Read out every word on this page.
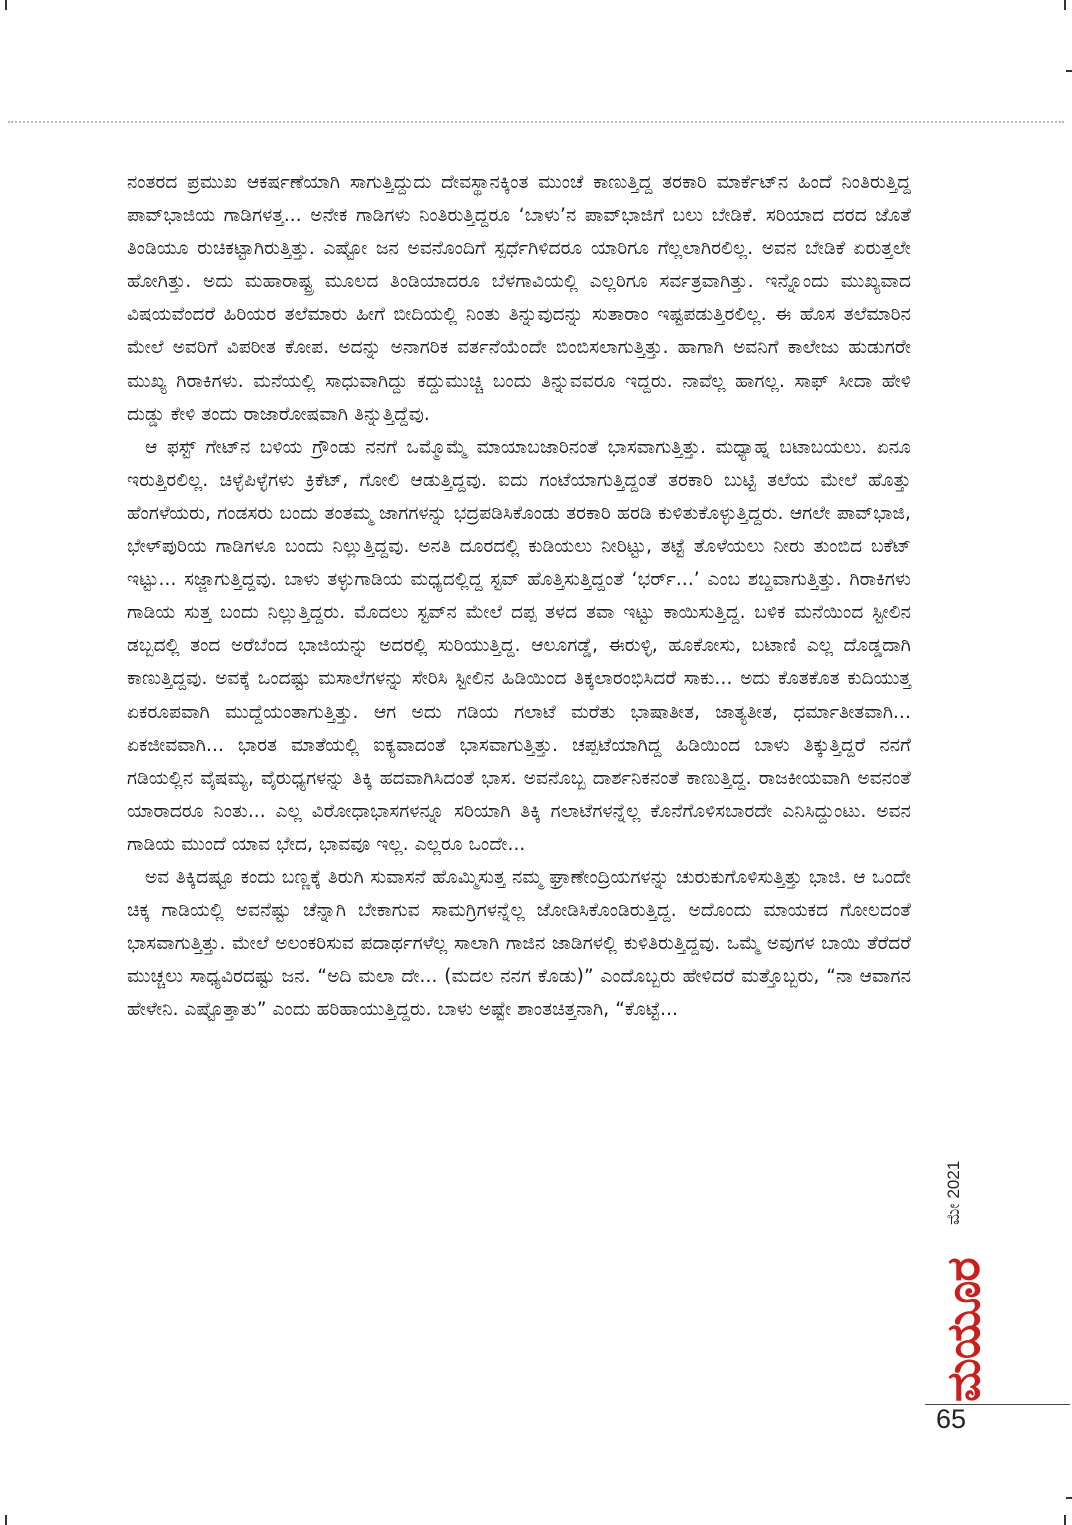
ನಂತರದ ಪ್ರಮುಖ ಆಕರ್ಷಣೆಯಾಗಿ ಸಾಗುತ್ತಿದ್ದುದು ದೇವಸ್ಥಾನಕ್ಕಿಂತ ಮುಂಚೆ ಕಾಣುತ್ತಿದ್ದ ತರಕಾರಿ ಮಾರ್ಕೆಟ್‌ನ ಹಿಂದೆ ನಿಂತಿರುತ್ತಿದ್ದ ಪಾವ್‌ಭಾಜಿಯ ಗಾಡಿಗಳತ್ತ... ಅನೇಕ ಗಾಡಿಗಳು ನಿಂತಿರುತ್ತಿದ್ದರೂ ‘ಬಾಳು’ನ ಪಾವ್‌ಭಾಜಿಗೆ ಬಲು ಬೇಡಿಕೆ. ಸರಿಯಾದ ದರದ ಜೊತೆ ತಿಂಡಿಯೂ ರುಚಿಕಟ್ಟಾಗಿರುತ್ತಿತ್ತು. ಎಷ್ಟೋ ಜನ ಅವನೊಂದಿಗೆ ಸ್ಪರ್ಧೆಗಿಳಿದರೂ ಯಾರಿಗೂ ಗೆಲ್ಲಲಾಗಿರಲಿಲ್ಲ. ಅವನ ಬೇಡಿಕೆ ಏರುತ್ತಲೇ ಹೋಗಿತ್ತು. ಅದು ಮಹಾರಾಷ್ಟ್ರ ಮೂಲದ ತಿಂಡಿಯಾದರೂ ಬೆಳಗಾವಿಯಲ್ಲಿ ಎಲ್ಲರಿಗೂ ಸರ್ವತ್ರವಾಗಿತ್ತು. ಇನ್ನೊಂದು ಮುಖ್ಯವಾದ ವಿಷಯವೆಂದರೆ ಹಿರಿಯರ ತಲೆಮಾರು ಹೀಗೆ ಬೀದಿಯಲ್ಲಿ ನಿಂತು ತಿನ್ನುವುದನ್ನು ಸುತಾರಾಂ ಇಷ್ಟಪಡುತ್ತಿರಲಿಲ್ಲ. ಈ ಹೊಸ ತಲೆಮಾರಿನ ಮೇಲೆ ಅವರಿಗೆ ವಿಪರೀತ ಕೋಪ. ಅದನ್ನು ಅನಾಗರಿಕ ವರ್ತನೆಯೆಂದೇ ಬಿಂಬಿಸಲಾಗುತ್ತಿತ್ತು. ಹಾಗಾಗಿ ಅವನಿಗೆ ಕಾಲೇಜು ಹುಡುಗರೇ ಮುಖ್ಯ ಗಿರಾಕಿಗಳು. ಮನೆಯಲ್ಲಿ ಸಾಧುವಾಗಿದ್ದು ಕದ್ದುಮುಚ್ಚಿ ಬಂದು ತಿನ್ನುವವರೂ ಇದ್ದರು. ನಾವೆಲ್ಲ ಹಾಗಲ್ಲ. ಸಾಫ್ ಸೀದಾ ಹೇಳಿ ದುಡ್ಡು ಕೇಳಿ ತಂದು ರಾಜಾರೋಷವಾಗಿ ತಿನ್ನುತ್ತಿದ್ದೆವು.

ಆ ಫಸ್ಟ್ ಗೇಟ್‌ನ ಬಳಿಯ ಗ್ರೌಂಡು ನನಗೆ ಒಮ್ಮೊಮ್ಮೆ ಮಾಯಾಬಜಾರಿನಂತೆ ಭಾಸವಾಗುತ್ತಿತ್ತು. ಮಧ್ಯಾಹ್ನ ಬಟಾಬಯಲು. ಏನೂ ಇರುತ್ತಿರಲಿಲ್ಲ. ಚಿಳ್ಳೆಪಿಳ್ಳೆಗಳು ಕ್ರಿಕೆಟ್, ಗೋಲಿ ಆಡುತ್ತಿದ್ದವು. ಐದು ಗಂಟೆಯಾಗುತ್ತಿದ್ದಂತೆ ತರಕಾರಿ ಬುಟ್ಟಿ ತಲೆಯ ಮೇಲೆ ಹೊತ್ತು ಹೆಂಗಳೆಯರು, ಗಂಡಸರು ಬಂದು ತಂತಮ್ಮ ಜಾಗಗಳನ್ನು ಭದ್ರಪಡಿಸಿಕೊಂಡು ತರಕಾರಿ ಹರಡಿ ಕುಳಿತುಕೊಳ್ಳುತ್ತಿದ್ದರು. ಆಗಲೇ ಪಾವ್‌ಭಾಜಿ, ಭೇಳ್‌ಪುರಿಯ ಗಾಡಿಗಳೂ ಬಂದು ನಿಲ್ಲುತ್ತಿದ್ದವು. ಅನತಿ ದೂರದಲ್ಲಿ ಕುಡಿಯಲು ನೀರಿಟ್ಟು, ತಟ್ಟೆ ತೊಳೆಯಲು ನೀರು ತುಂಬಿದ ಬಕೆಟ್ ಇಟ್ಟು... ಸಜ್ಜಾಗುತ್ತಿದ್ದವು. ಬಾಳು ತಳ್ಳುಗಾಡಿಯ ಮಧ್ಯದಲ್ಲಿದ್ದ ಸ್ಟವ್ ಹೊತ್ತಿಸುತ್ತಿದ್ದಂತೆ ‘ಭರ್ರ್...’ ಎಂಬ ಶಬ್ದವಾಗುತ್ತಿತ್ತು. ಗಿರಾಕಿಗಳು ಗಾಡಿಯ ಸುತ್ತ ಬಂದು ನಿಲ್ಲುತ್ತಿದ್ದರು. ಮೊದಲು ಸ್ಟವ್‌ನ ಮೇಲೆ ದಪ್ಪ ತಳದ ತವಾ ಇಟ್ಟು ಕಾಯಿಸುತ್ತಿದ್ದ. ಬಳಿಕ ಮನೆಯಿಂದ ಸ್ಟೀಲಿನ ಡಬ್ಬದಲ್ಲಿ ತಂದ ಅರೆಬೆಂದ ಭಾಜಿಯನ್ನು ಅದರಲ್ಲಿ ಸುರಿಯುತ್ತಿದ್ದ. ಆಲೂಗಡ್ಡೆ, ಈರುಳ್ಳಿ, ಹೂಕೋಸು, ಬಟಾಣಿ ಎಲ್ಲ ದೊಡ್ಡದಾಗಿ ಕಾಣುತ್ತಿದ್ದವು. ಅವಕ್ಕೆ ಒಂದಷ್ಟು ಮಸಾಲೆಗಳನ್ನು ಸೇರಿಸಿ ಸ್ಟೀಲಿನ ಹಿಡಿಯಿಂದ ತಿಕ್ಕಲಾರಂಭಿಸಿದರೆ ಸಾಕು... ಅದು ಕೊತಕೊತ ಕುದಿಯುತ್ತ ಏಕರೂಪವಾಗಿ ಮುದ್ದೆಯಂತಾಗುತ್ತಿತ್ತು. ಆಗ ಅದು ಗಡಿಯ ಗಲಾಟೆ ಮರೆತು ಭಾಷಾತೀತ, ಜಾತ್ಯತೀತ, ಧರ್ಮಾತೀತವಾಗಿ... ಏಕಜೀವವಾಗಿ... ಭಾರತ ಮಾತೆಯಲ್ಲಿ ಐಕ್ಯವಾದಂತೆ ಭಾಸವಾಗುತ್ತಿತ್ತು. ಚಪ್ಪಟೆಯಾಗಿದ್ದ ಹಿಡಿಯಿಂದ ಬಾಳು ತಿಕ್ಕುತ್ತಿದ್ದರೆ ನನಗೆ ಗಡಿಯಲ್ಲಿನ ವೈಷಮ್ಯ, ವೈರುಧ್ಯಗಳನ್ನು ತಿಕ್ಕಿ ಹದವಾಗಿಸಿದಂತೆ ಭಾಸ. ಅವನೊಬ್ಬ ದಾರ್ಶನಿಕನಂತೆ ಕಾಣುತ್ತಿದ್ದ. ರಾಜಕೀಯವಾಗಿ ಅವನಂತೆ ಯಾರಾದರೂ ನಿಂತು... ಎಲ್ಲ ವಿರೋಧಾಭಾಸಗಳನ್ನೂ ಸರಿಯಾಗಿ ತಿಕ್ಕಿ ಗಲಾಟೆಗಳನ್ನೆಲ್ಲ ಕೊನೆಗೊಳಿಸಬಾರದೇ ಎನಿಸಿದ್ದುಂಟು. ಅವನ ಗಾಡಿಯ ಮುಂದೆ ಯಾವ ಭೇದ, ಭಾವವೂ ಇಲ್ಲ. ಎಲ್ಲರೂ ಒಂದೇ...

ಅವ ತಿಕ್ಕಿದಷ್ಟೂ ಕಂದು ಬಣ್ಣಕ್ಕೆ ತಿರುಗಿ ಸುವಾಸನೆ ಹೊಮ್ಮಿಸುತ್ತ ನಮ್ಮ ಘ್ರಾಣೇಂದ್ರಿಯಗಳನ್ನು ಚುರುಕುಗೊಳಿಸುತ್ತಿತ್ತು ಭಾಜಿ. ಆ ಒಂದೇ ಚಿಕ್ಕ ಗಾಡಿಯಲ್ಲಿ ಅವನೆಷ್ಟು ಚೆನ್ನಾಗಿ ಬೇಕಾಗುವ ಸಾಮಗ್ರಿಗಳನ್ನೆಲ್ಲ ಜೋಡಿಸಿಕೊಂಡಿರುತ್ತಿದ್ದ. ಅದೊಂದು ಮಾಯಕದ ಗೋಲದಂತೆ ಭಾಸವಾಗುತ್ತಿತ್ತು. ಮೇಲೆ ಅಲಂಕರಿಸುವ ಪದಾರ್ಥಗಳೆಲ್ಲ ಸಾಲಾಗಿ ಗಾಜಿನ ಜಾಡಿಗಳಲ್ಲಿ ಕುಳಿತಿರುತ್ತಿದ್ದವು. ಒಮ್ಮೆ ಅವುಗಳ ಬಾಯಿ ತೆರೆದರೆ ಮುಚ್ಚಲು ಸಾಧ್ಯವಿರದಷ್ಟು ಜನ. “ಅದಿ ಮಲಾ ದೇ... (ಮದಲ ನನಗ ಕೊಡು)” ಎಂದೊಬ್ಬರು ಹೇಳಿದರೆ ಮತ್ತೊಬ್ಬರು, “ನಾ ಆವಾಗನ ಹೇಳೇನಿ. ಎಷ್ಟೊತ್ತಾತು” ಎಂದು ಹರಿಹಾಯುತ್ತಿದ್ದರು. ಬಾಳು ಅಷ್ಟೇ ಶಾಂತಚಿತ್ತನಾಗಿ, “ಕೊಟ್ಟೆ...

ಮೇ 2021
ಮಯೂರ
65
